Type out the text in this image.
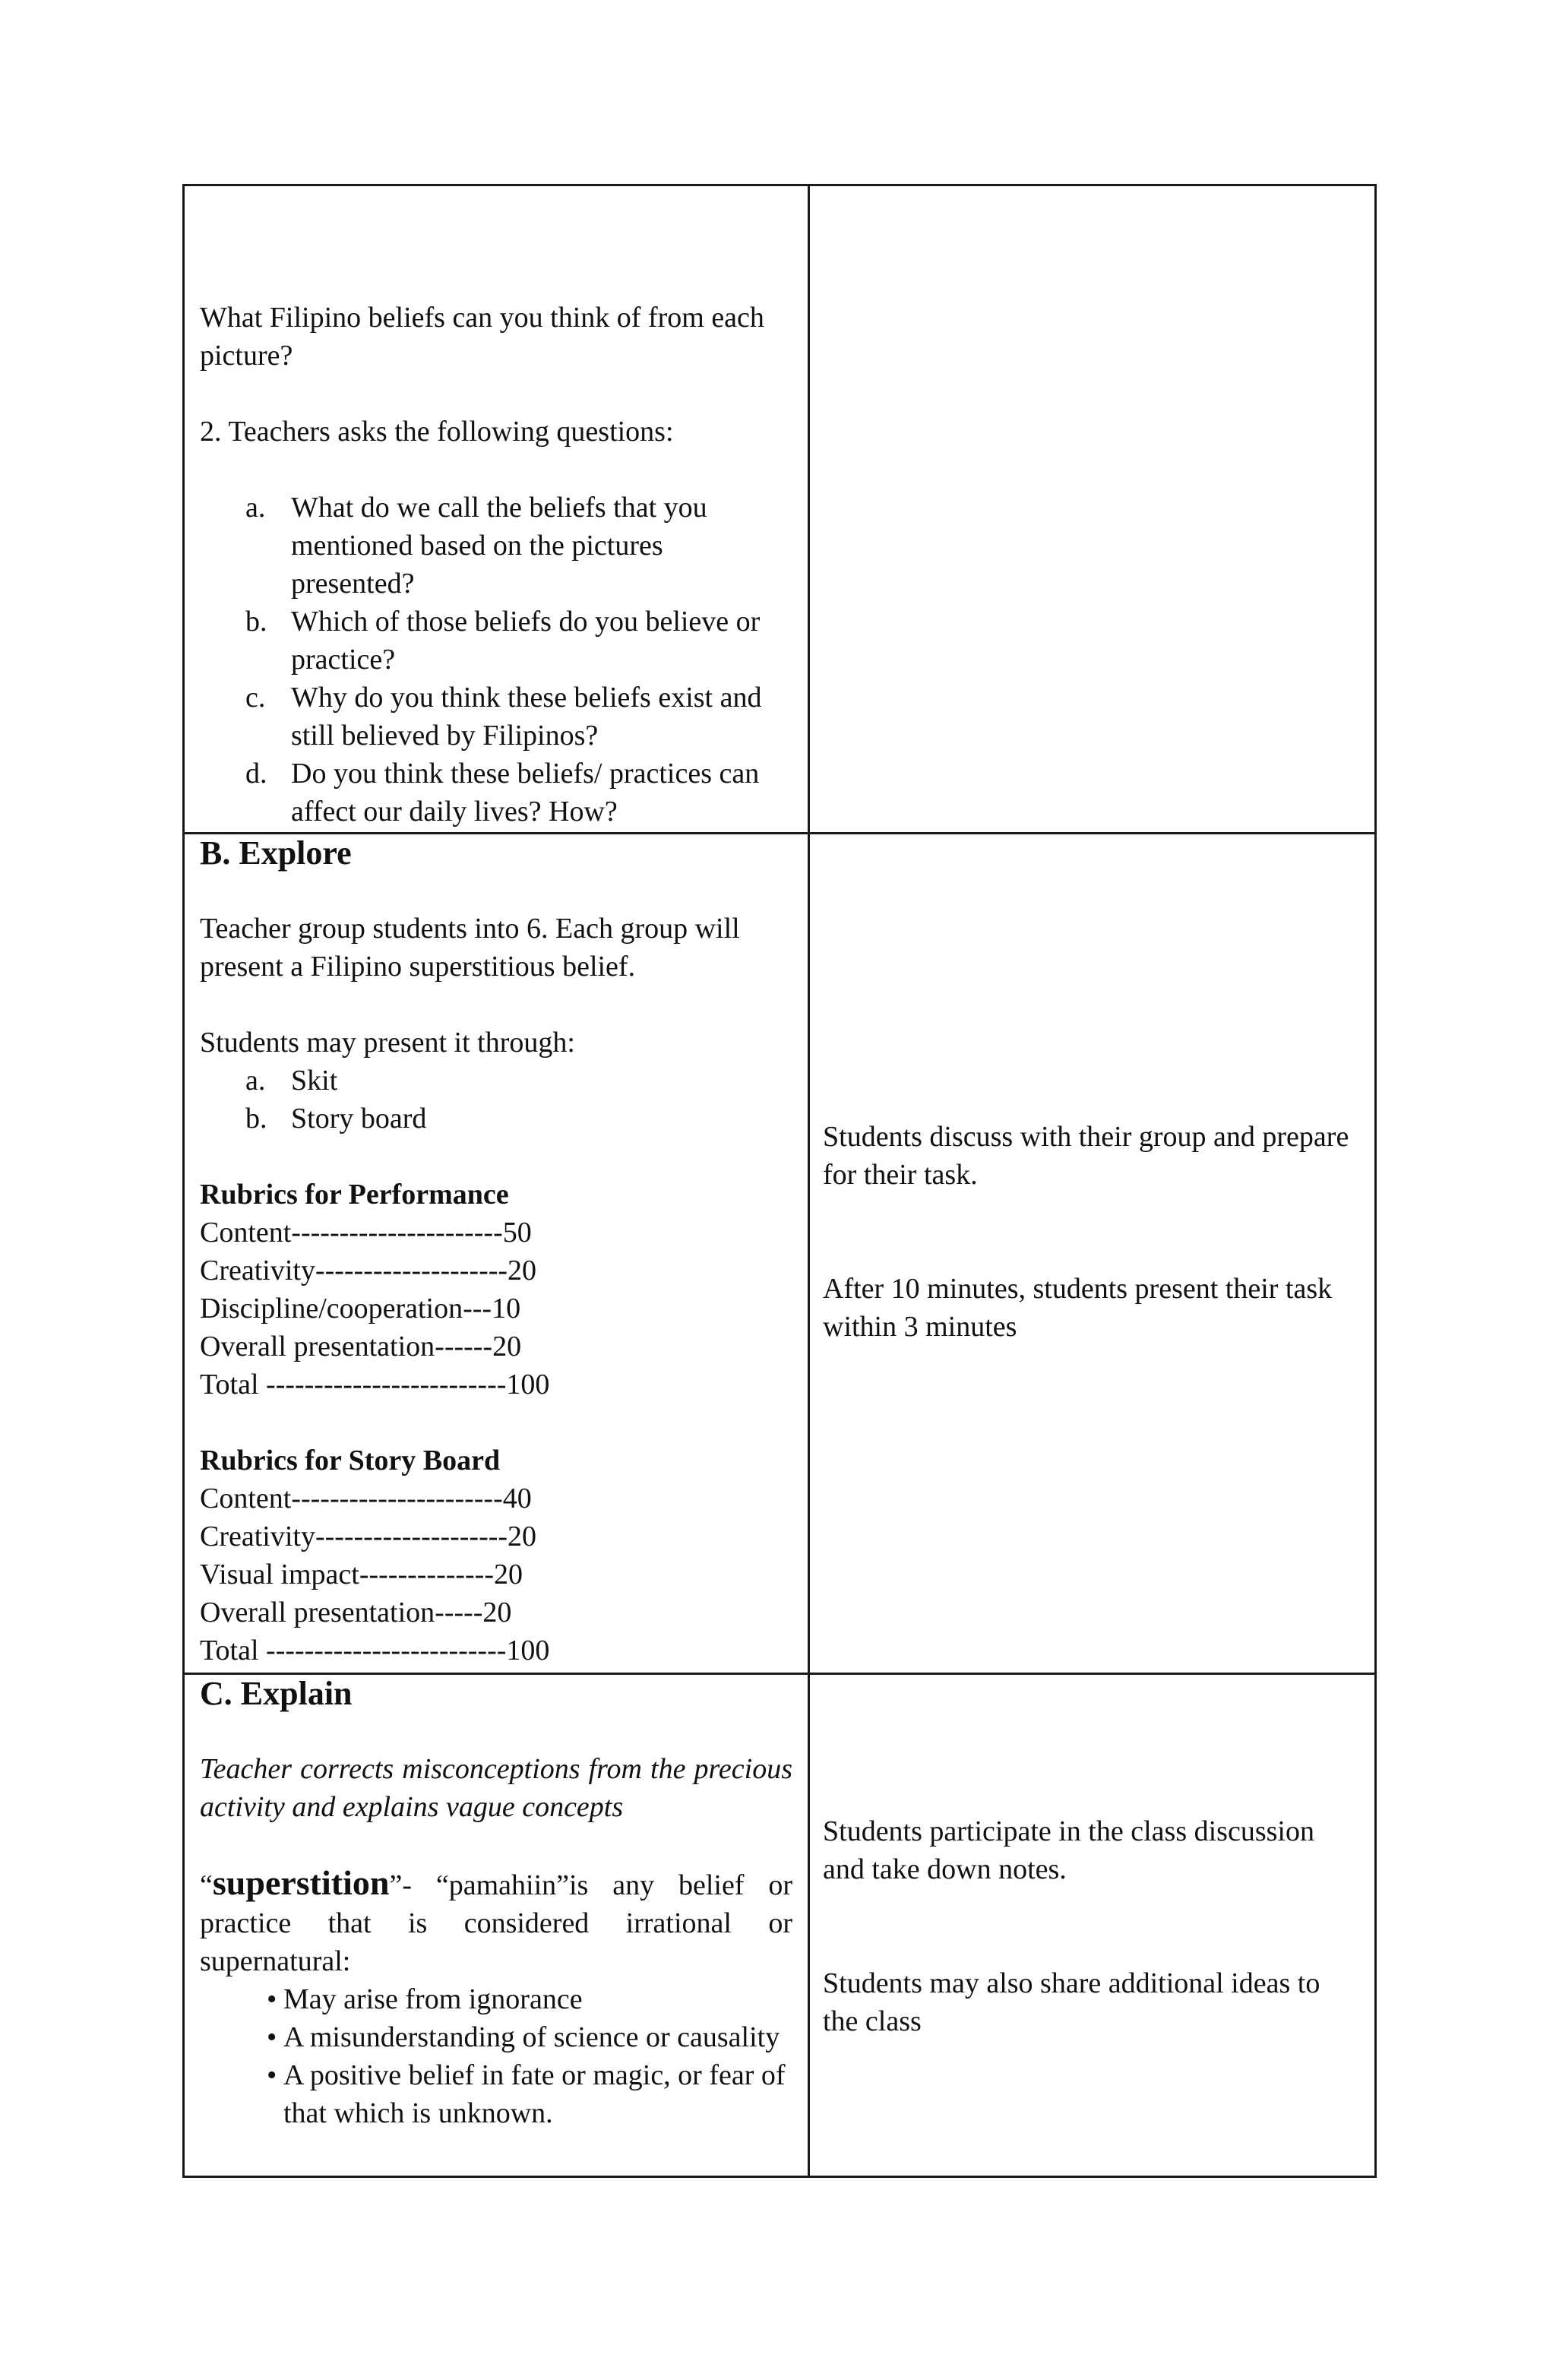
What Filipino beliefs can you think of from each picture?

2. Teachers asks the following questions:

a. What do we call the beliefs that you mentioned based on the pictures presented?
b. Which of those beliefs do you believe or practice?
c. Why do you think these beliefs exist and still believed by Filipinos?
d. Do you think these beliefs/ practices can affect our daily lives? How?

B. Explore

Teacher group students into 6. Each group will present a Filipino superstitious belief.

Students may present it through:

a. Skit
b. Story board

Rubrics for Performance

Content----------------------50

Creativity--------------------20

Discipline/cooperation---10

Overall presentation------20

Total -------------------------100

Rubrics for Story Board

Content----------------------40

Creativity--------------------20

Visual impact--------------20

Overall presentation-----20

Total -------------------------100

Students discuss with their group and prepare for their task.

After 10 minutes, students present their task within 3 minutes

C. Explain

Teacher corrects misconceptions from the precious activity and explains vague concepts

“superstition”- “pamahiin”is any belief or practice that is considered irrational or supernatural:

• May arise from ignorance
• A misunderstanding of science or causality
• A positive belief in fate or magic, or fear of that which is unknown.

Students participate in the class discussion and take down notes.

Students may also share additional ideas to the class
